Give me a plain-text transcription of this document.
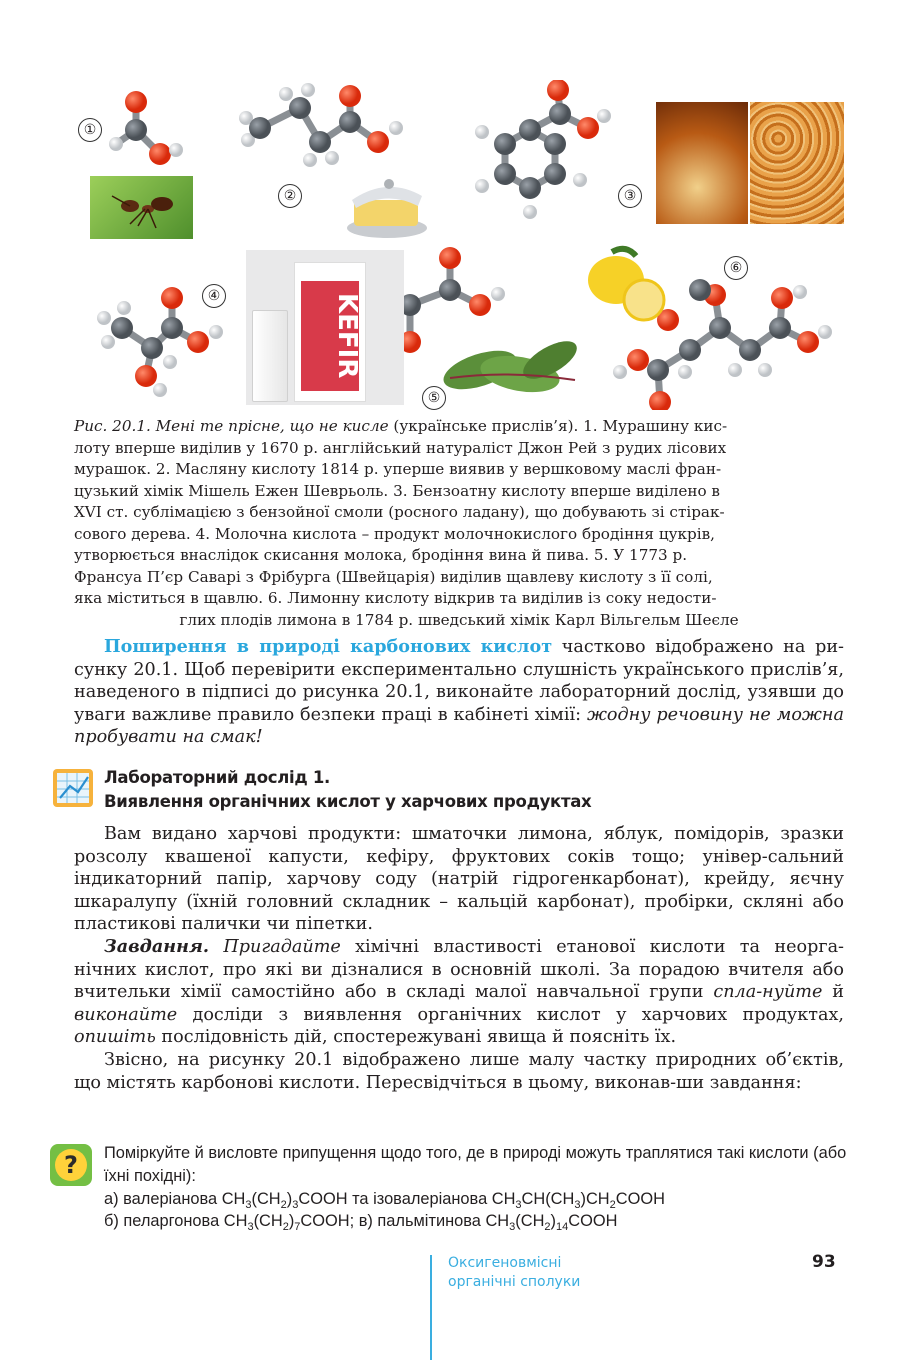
KEFIR
①
②	③
④
⑤
⑥
Рис. 20.1. Мені те прісне, що не кисле (українське прислів’я). 1. Мурашину кис-
лоту вперше виділив у 1670 р. англійський натураліст Джон Рей з рудих лісових
мурашок. 2. Масляну кислоту 1814 р. уперше виявив у вершковому маслі фран-
цузький хімік Мішель Ежен Шеврьоль. 3. Бензоатну кислоту вперше виділено в
XVI ст. сублімацією з бензойної смоли (росного ладану), що добувають зі стірак-
сового дерева. 4. Молочна кислота – продукт молочнокислого бродіння цукрів,
утворюється внаслідок скисання молока, бродіння вина й пива. 5. У 1773 р.
Франсуа П’єр Саварі з Фрібурга (Швейцарія) виділив щавлеву кислоту з її солі,
яка міститься в щавлю. 6. Лимонну кислоту відкрив та виділив із соку недости-
глих плодів лимона в 1784 р. шведський хімік Карл Вільгельм Шеєле

Поширення в природі карбонових кислот частково відображено на ри-сунку 20.1. Щоб перевірити експериментально слушність українського прислів’я, наведеного в підписі до рисунка 20.1, виконайте лабораторний дослід, узявши до уваги важливе правило безпеки праці в кабінеті хімії: жодну речовину не можна пробувати на смак!

Лабораторний дослід 1.
Виявлення органічних кислот у харчових продуктах

Вам видано харчові продукти: шматочки лимона, яблук, помідорів, зразки розсолу квашеної капусти, кефіру, фруктових соків тощо; універ-сальний індикаторний папір, харчову соду (натрій гідрогенкарбонат), крейду, яєчну шкаралупу (їхній головний складник – кальцій карбонат), пробірки, скляні або пластикові палички чи піпетки.

Завдання. Пригадайте хімічні властивості етанової кислоти та неорга-нічних кислот, про які ви дізналися в основній школі. За порадою вчителя або вчительки хімії самостійно або в складі малої навчальної групи спла-нуйте й виконайте досліди з виявлення органічних кислот у харчових продуктах, опишіть послідовність дій, спостережувані явища й поясніть їх.

Звісно, на рисунку 20.1 відображено лише малу частку природних об’єктів, що містять карбонові кислоти. Пересвідчіться в цьому, виконав-ши завдання:

?	Поміркуйте й висловте припущення щодо того, де в природі можуть траплятися такі кислоти (або їхні похідні):

а) валеріанова $CH_3(CH_2)_3COOH$ та ізовалеріанова $CH_3CH(CH_3)CH_2COOH$

б) пеларгонова $CH_3(CH_2)_7COOH$; в) пальмітинова $CH_3(CH_2)_{14}COOH$

Оксигеновмісні
органічні сполуки
93
